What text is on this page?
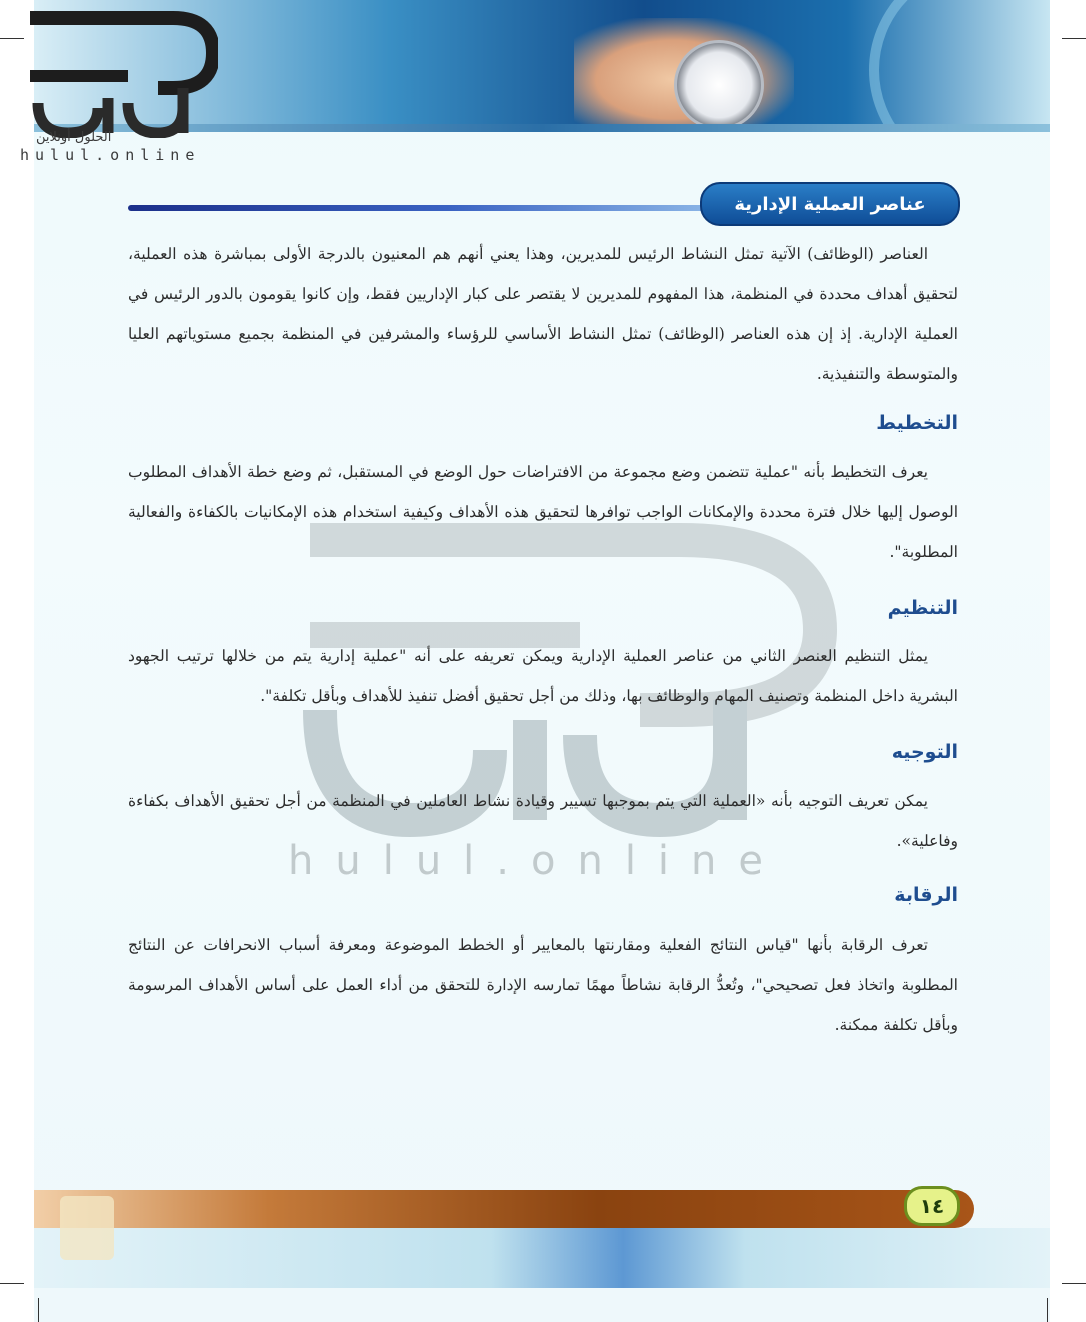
الحلول أونلاين
hulul.online
عناصر العملية الإدارية
hulul.online

العناصر (الوظائف) الآتية تمثل النشاط الرئيس للمديرين، وهذا يعني أنهم هم المعنيون بالدرجة الأولى بمباشرة هذه العملية، لتحقيق أهداف محددة في المنظمة، هذا المفهوم للمديرين لا يقتصر على كبار الإداريين فقط، وإن كانوا يقومون بالدور الرئيس في العملية الإدارية. إذ إن هذه العناصر (الوظائف) تمثل النشاط الأساسي للرؤساء والمشرفين في المنظمة بجميع مستوياتهم العليا والمتوسطة والتنفيذية.

التخطيط

يعرف التخطيط بأنه "عملية تتضمن وضع مجموعة من الافتراضات حول الوضع في المستقبل، ثم وضع خطة الأهداف المطلوب الوصول إليها خلال فترة محددة والإمكانات الواجب توافرها لتحقيق هذه الأهداف وكيفية استخدام هذه الإمكانيات بالكفاءة والفعالية المطلوبة".

التنظيم

يمثل التنظيم العنصر الثاني من عناصر العملية الإدارية ويمكن تعريفه على أنه "عملية إدارية يتم من خلالها ترتيب الجهود البشرية داخل المنظمة وتصنيف المهام والوظائف بها، وذلك من أجل تحقيق أفضل تنفيذ للأهداف وبأقل تكلفة".

التوجيه

يمكن تعريف التوجيه بأنه «العملية التي يتم بموجبها تسيير وقيادة نشاط العاملين في المنظمة من أجل تحقيق الأهداف بكفاءة وفاعلية».

الرقابة

تعرف الرقابة بأنها "قياس النتائج الفعلية ومقارنتها بالمعايير أو الخطط الموضوعة ومعرفة أسباب الانحرافات عن النتائج المطلوبة واتخاذ فعل تصحيحي"، وتُعدُّ الرقابة نشاطاً مهمًا تمارسه الإدارة للتحقق من أداء العمل على أساس الأهداف المرسومة وبأقل تكلفة ممكنة.

١٤
